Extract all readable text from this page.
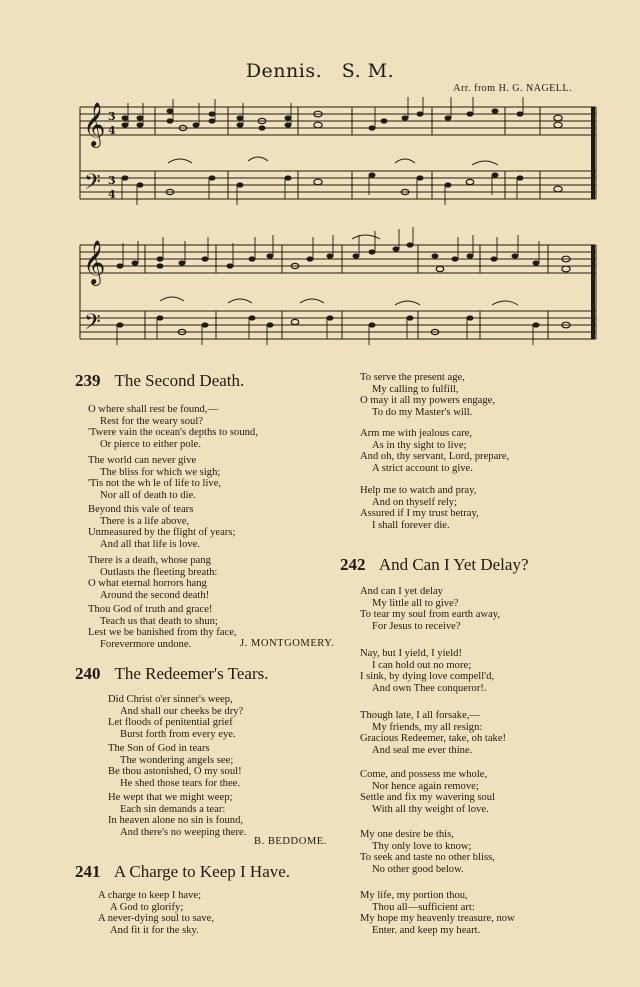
Dennis. S. M.
Arr. from H. G. NAGELL.
𝄞
𝄢
3
4
3
4
𝄞
𝄢
239 The Second Death.
O where shall rest be found,—
Rest for the weary soul?
'Twere vain the ocean's depths to sound,
Or pierce to either pole.
The world can never give
The bliss for which we sigh;
'Tis not the wh le of life to live,
Nor all of death to die.
Beyond this vale of tears
There is a life above,
Unmeasured by the flight of years;
And all that life is love.
There is a death, whose pang
Outlasts the fleeting breath:
O what eternal horrors hang
Around the second death!
Thou God of truth and grace!
Teach us that death to shun;
Lest we be banished from thy face,
Forevermore undone.	J. MONTGOMERY.
240 The Redeemer's Tears.
Did Christ o'er sinner's weep,
And shall our cheeks be dry?
Let floods of penitential grief
Burst forth from every eye.
The Son of God in tears
The wondering angels see;
Be thou astonished, O my soul!
He shed those tears for thee.
He wept that we might weep;
Each sin demands a tear:
In heaven alone no sin is found,
And there's no weeping there.
B. BEDDOME.
241 A Charge to Keep I Have.
A charge to keep I have;
A God to glorify;
A never-dying soul to save,
And fit it for the sky.
To serve the present age,
My calling to fulfill,
O may it all my powers engage,
To do my Master's will.
Arm me with jealous care,
As in thy sight to live;
And oh, thy servant, Lord, prepare,
A strict account to give.
Help me to watch and pray,
And on thyself rely;
Assured if I my trust betray,
I shall forever die.
242 And Can I Yet Delay?
And can I yet delay
My little all to give?
To tear my soul from earth away,
For Jesus to receive?
Nay, but I yield, I yield!
I can hold out no more;
I sink, by dying love compell'd,
And own Thee conqueror!.
Though late, I all forsake,—
My friends, my all resign:
Gracious Redeemer, take, oh take!
And seal me ever thine.
Come, and possess me whole,
Nor hence again remove;
Settle and fix my wavering soul
With all thy weight of love.
My one desire be this,
Thy only love to know;
To seek and taste no other bliss,
No other good below.
My life, my portion thou,
Thou all—sufficient art:
My hope my heavenly treasure, now
Enter. and keep my heart.
